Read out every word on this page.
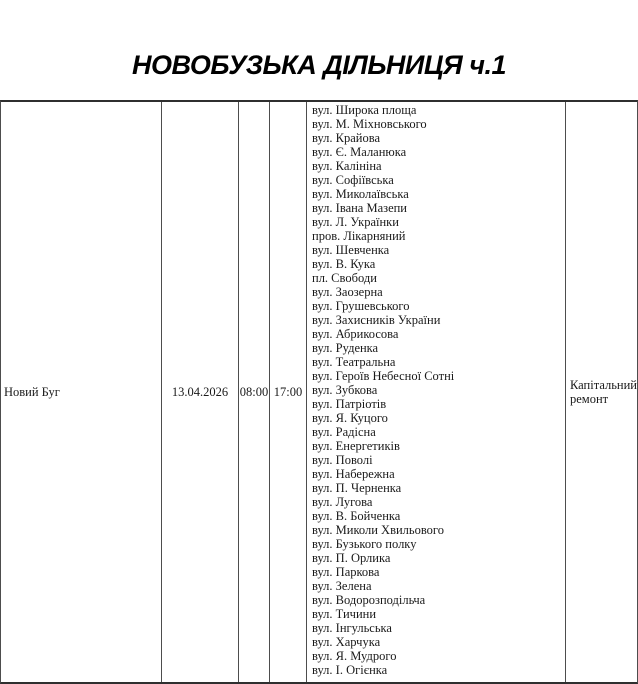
НОВОБУЗЬКА ДІЛЬНИЦЯ ч.1
Новий Буг	13.04.2026 08:00 17:00
вул. Широка площа
вул. М. Міхновського
вул. Крайова
вул. Є. Маланюка
вул. Калініна
вул. Софіївська
вул. Миколаївська
вул. Івана Мазепи
вул. Л. Українки
пров. Лікарняний
вул. Шевченка
вул. В. Кука
пл. Свободи
вул. Заозерна
вул. Грушевського
вул. Захисників України
вул. Абрикосова
вул. Руденка
вул. Театральна
вул. Героїв Небесної Сотні
вул. Зубкова
вул. Патріотів
вул. Я. Куцого
вул. Радісна
вул. Енергетиків
вул. Поволі
вул. Набережна
вул. П. Черненка
вул. Лугова
вул. В. Бойченка
вул. Миколи Хвильового
вул. Бузького полку
вул. П. Орлика
вул. Паркова
вул. Зелена
вул. Водорозподільча
вул. Тичини
вул. Інгульська
вул. Харчука
вул. Я. Мудрого
вул. І. Огієнка
Капітальний ремонт
